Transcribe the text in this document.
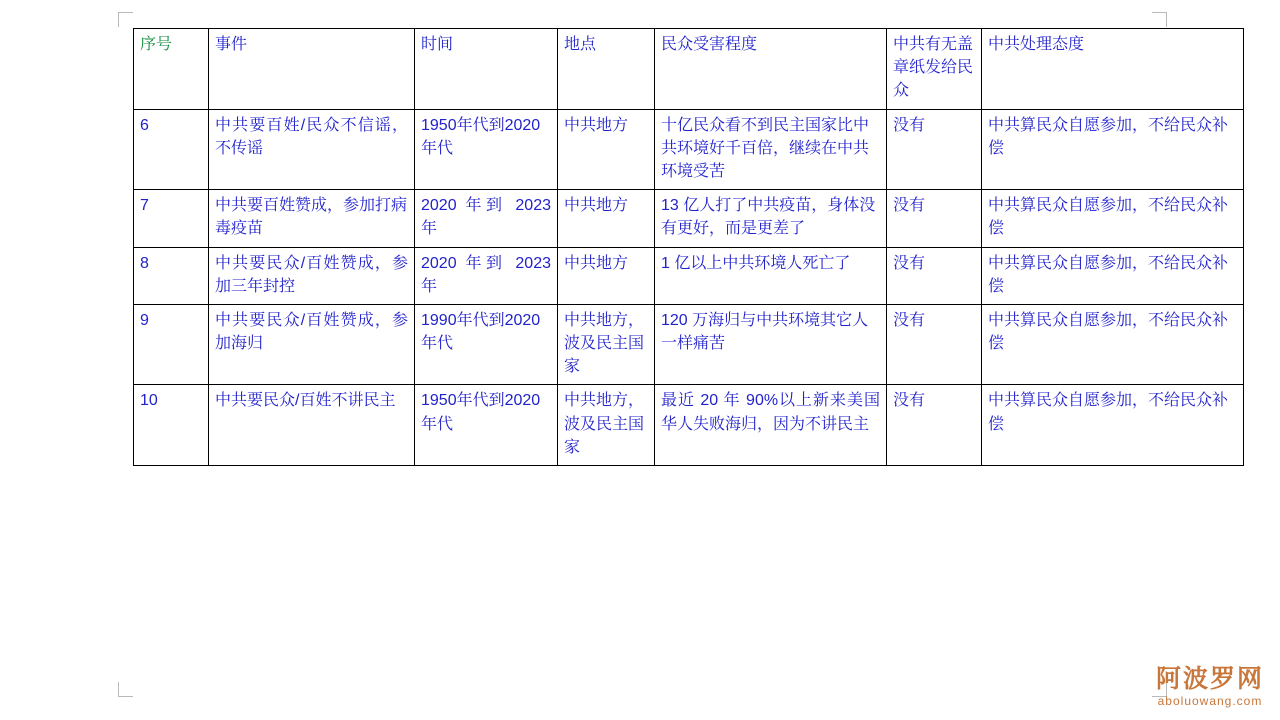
序号	事件	时间	地点	民众受害程度	中共有无盖章纸发给民众	中共处理态度
6	中共要百姓/民众不信谣，不传谣	1950年代到2020 年代	中共地方	十亿民众看不到民主国家比中共环境好千百倍，继续在中共环境受苦	没有	中共算民众自愿参加，不给民众补偿
7	中共要百姓赞成，参加打病毒疫苗	2020 年到 2023 年	中共地方	13 亿人打了中共疫苗，身体没有更好，而是更差了	没有	中共算民众自愿参加，不给民众补偿
8	中共要民众/百姓赞成，参加三年封控	2020 年到 2023 年	中共地方	1 亿以上中共环境人死亡了	没有	中共算民众自愿参加，不给民众补偿
9	中共要民众/百姓赞成，参加海归	1990年代到2020 年代	中共地方，波及民主国家	120 万海归与中共环境其它人一样痛苦	没有	中共算民众自愿参加，不给民众补偿
10	中共要民众/百姓不讲民主	1950年代到2020 年代	中共地方，波及民主国家	最近 20 年 90%以上新来美国华人失败海归，因为不讲民主	没有	中共算民众自愿参加，不给民众补偿
阿波罗网
aboluowang.com
